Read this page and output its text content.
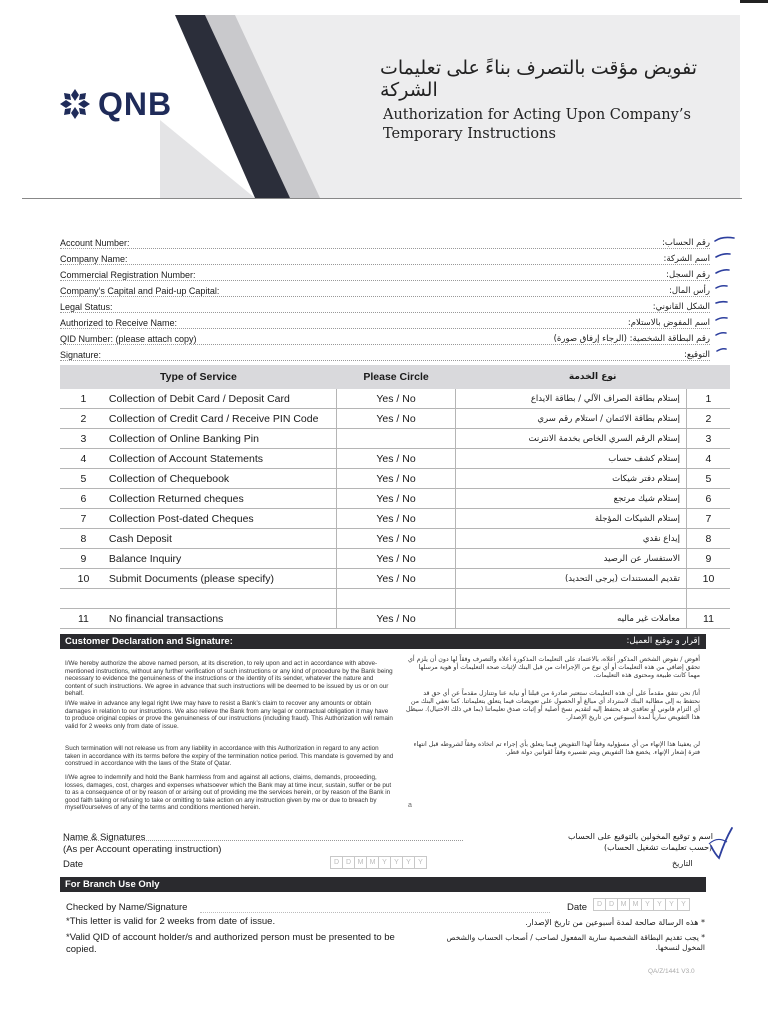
QNB
تفويض مؤقت بالتصرف بناءً على تعليمات
الشركة
Authorization for Acting Upon Company’s
Temporary Instructions
Account Number:	رقم الحساب:
Company Name:	اسم الشركة:
Commercial Registration Number:	رقم السجل:
Company’s Capital and Paid-up Capital:	رأس المال:
Legal Status:	الشكل القانوني:
Authorized to Receive Name:	اسم المفوض بالاستلام:
QID Number: (please attach copy)	رقم البطاقة الشخصية: (الرجاء إرفاق صورة)
Signature:	التوقيع:
Type of Service		Please Circle	نوع الخدمة	
1	Collection of Debit Card / Deposit Card	Yes / No	إستلام بطاقة الصراف الآلي / بطاقة الايداع	1
2	Collection of Credit Card / Receive PIN Code	Yes / No	إستلام بطاقة الائتمان / استلام رقم سري	2
3	Collection of Online Banking Pin		إستلام الرقم السري الخاص بخدمة الانترنت	3
4	Collection of Account Statements	Yes / No	إستلام كشف حساب	4
5	Collection of Chequebook	Yes / No	إستلام دفتر شيكات	5
6	Collection Returned cheques	Yes / No	إستلام شيك مرتجع	6
7	Collection Post-dated Cheques	Yes / No	إستلام الشيكات المؤجلة	7
8	Cash Deposit	Yes / No	إيداع نقدي	8
9	Balance Inquiry	Yes / No	الاستفسار عن الرصيد	9
10	Submit Documents (please specify)	Yes / No	تقديم المستندات (يرجى التحديد)	10

11	No financial transactions	Yes / No	معاملات غير ماليه	11
Customer Declaration and Signature:	إقرار و توقيع العميل:
I/We hereby authorize the above named person, at its discretion, to rely upon and act in accordance with above-mentioned instructions, without any further verification of such instructions or any kind of procedure by the Bank being necessary to evidence the genuineness of the instructions or the identity of its sender, whatever the nature and content of such instructions. We agree in advance that such instructions will be deemed to be issued by us or on our behalf.
I/We waive in advance any legal right I/we may have to resist a Bank’s claim to recover any amounts or obtain damages in relation to our instructions. We also relieve the Bank from any legal or contractual obligation it may have to produce original copies or prove the genuineness of our instructions (including fraud). This Authorization will remain valid for 2 weeks only from date of issue.
Such termination will not release us from any liability in accordance with this Authorization in regard to any action taken in accordance with its terms before the expiry of the termination notice period. This mandate is governed by and construed in accordance with the laws of the State of Qatar.
I/We agree to indemnify and hold the Bank harmless from and against all actions, claims, demands, proceeding, losses, damages, cost, charges and expenses whatsoever which the Bank may at time incur, sustain, suffer or be put to as a consequence of or by reason of or arising out of providing me the services herein, or by reason of the Bank in good faith taking or refusing to take or omitting to take action on any instruction given by me or due to breach by myself/ourselves of any of the terms and conditions mentioned herein.
أفوض / نفوض الشخص المذكور أعلاه، بالاعتماد على التعليمات المذكورة أعلاه والتصرف وفقاً لها دون أن يلزم أي تحقق إضافي من هذه التعليمات أو أي نوع من الإجراءات من قبل البنك لإثبات صحة التعليمات أو هوية مرسلها مهما كانت طبيعة ومحتوى هذه التعليمات.
أنا/ نحن نتفق مقدماً على أن هذه التعليمات ستعتبر صادرة من قبلنا أو نيابة عنا وتتنازل مقدماً عن أي حق قد نحتفظ به إلى مطالبة البنك لاسترداد أي مبالغ أو الحصول على تعويضات فيما يتعلق بتعليماتنا. كما نعفي البنك من أي التزام قانوني أو تعاقدي قد يحتفظ إليه لتقديم نسخ أصلية أو إثبات صدق تعليماتنا (بما في ذلك الاحتيال). سيظل هذا التفويض سارياً لمدة أسبوعين من تاريخ الإصدار.
لن يعفينا هذا الإنهاء من أي مسؤولية وفقاً لهذا التفويض فيما يتعلق بأي إجراء تم اتخاذه وفقاً لشروطه قبل انتهاء فترة إشعار الإنهاء. يخضع هذا التفويض ويتم تفسيره وفقاً لقوانين دولة قطر.
a
Name & Signatures
(As per Account operating instruction)
اسم و توقيع المخولين بالتوقيع على الحساب
(حسب تعليمات تشغيل الحساب)
Date	D D M M Y	Y	Y	Y	التاريخ
For Branch Use Only
Checked by Name/Signature	Date	D D M M Y	Y	Y	Y
*This letter is valid for 2 weeks from date of issue.	* هذه الرسالة صالحة لمدة أسبوعين من تاريخ الإصدار.
*Valid QID of account holder/s and authorized person must be presented to be copied.
* يجب تقديم البطاقة الشخصية سارية المفعول لصاحب / أصحاب الحساب والشخص المخول لنسخها.
QA/Z/1441 V3.0
